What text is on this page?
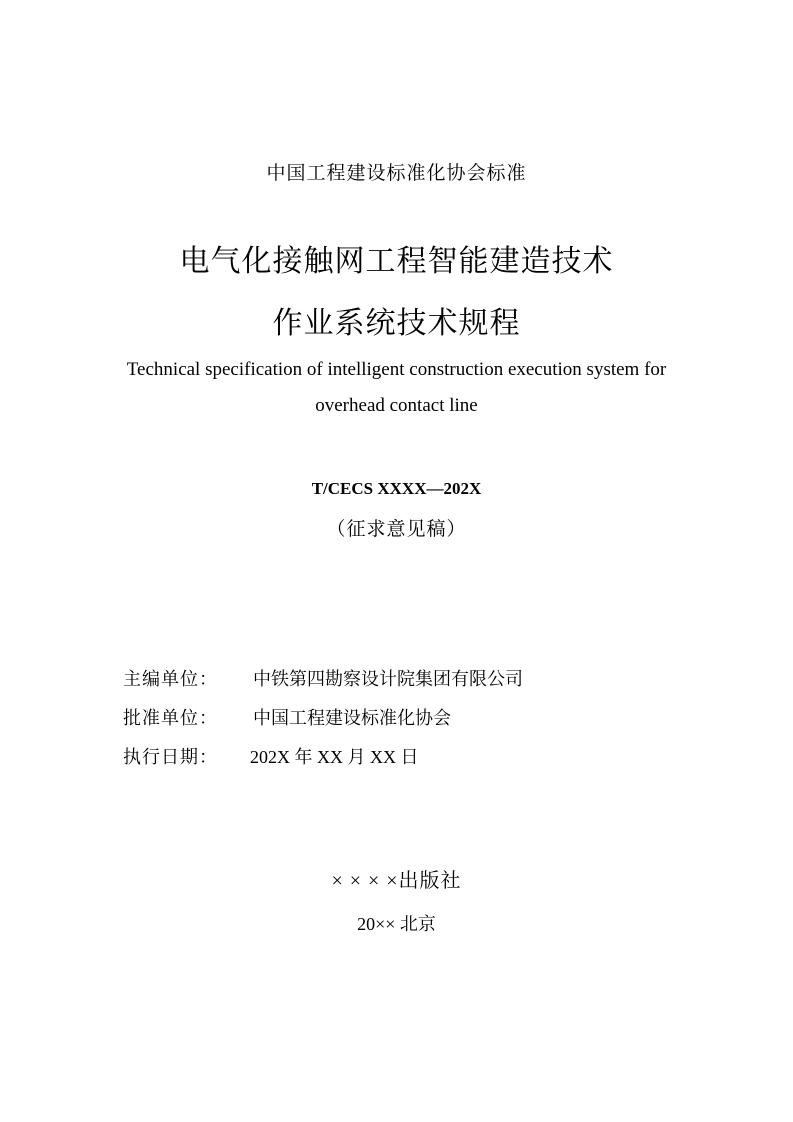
中国工程建设标准化协会标准
电气化接触网工程智能建造技术
作业系统技术规程
Technical specification of intelligent construction execution system for
overhead contact line
T/CECS XXXX—202X
（征求意见稿）
主编单位： 中铁第四勘察设计院集团有限公司
批准单位： 中国工程建设标准化协会
执行日期： 202X 年 XX 月 XX 日
× × × ×出版社
20×× 北京
